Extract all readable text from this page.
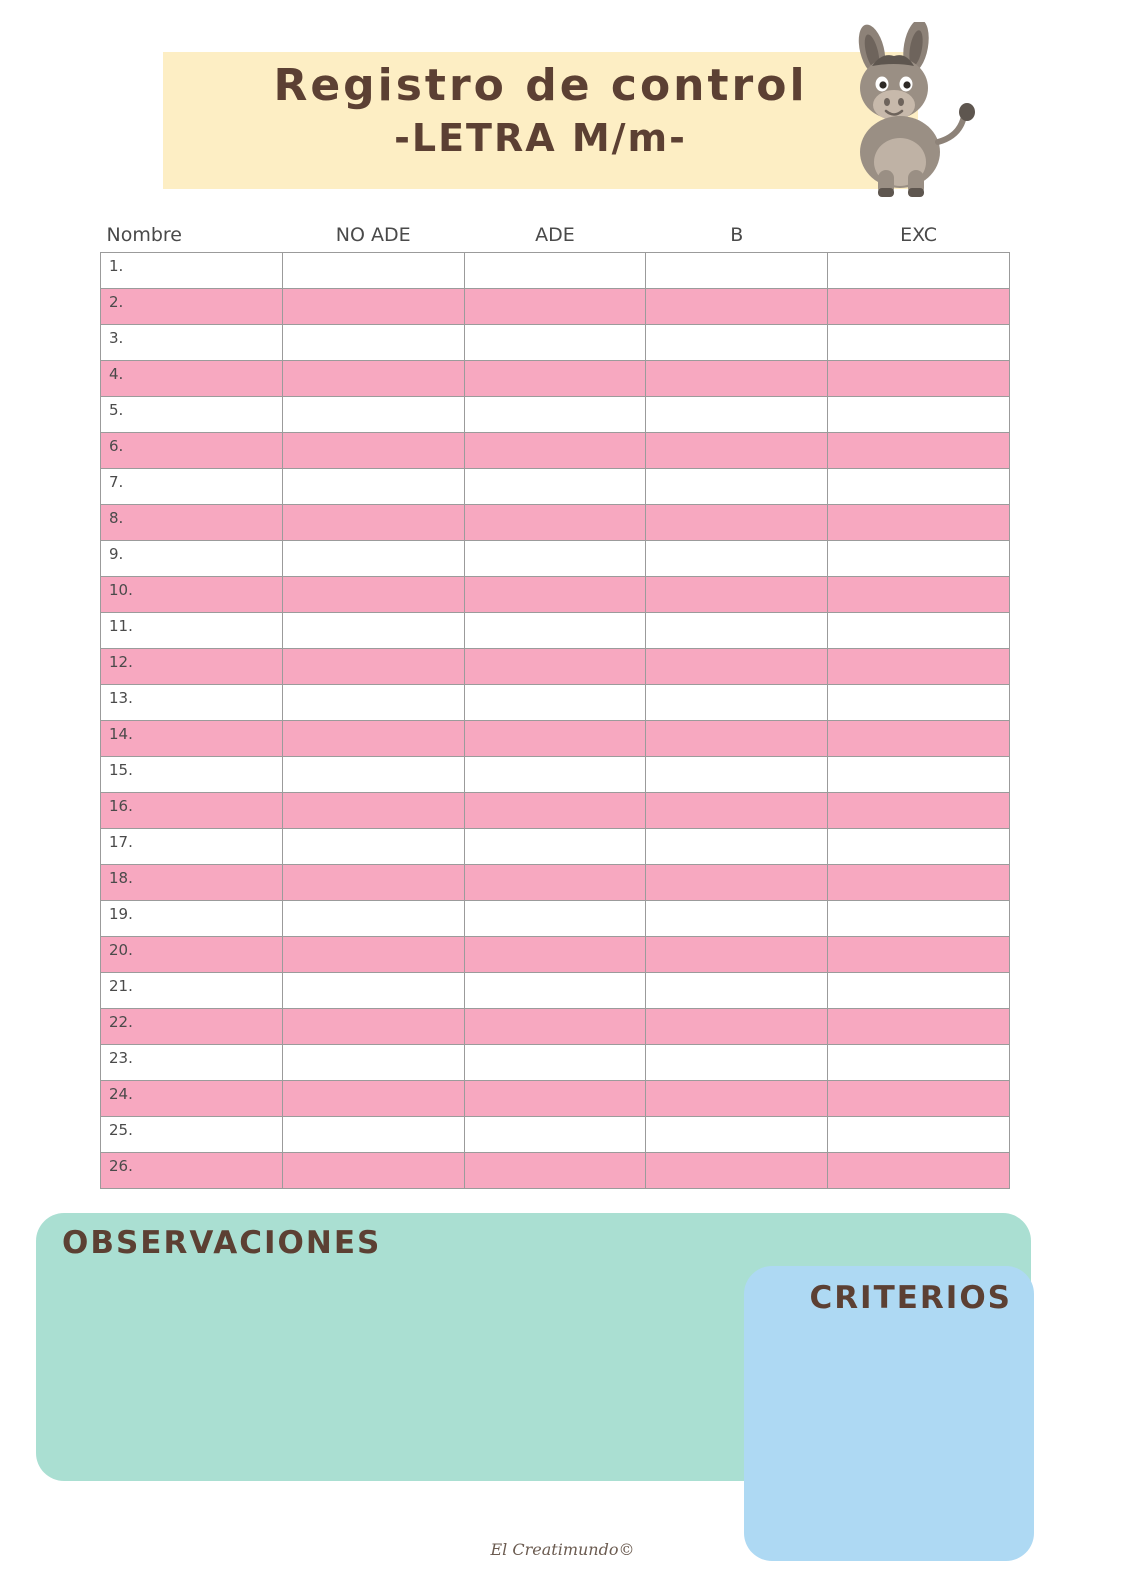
Registro de control
-LETRA M/m-
Nombre	NO ADE	ADE	B	EXC

1.				

2.				

3.				

4.				

5.				

6.				

7.				

8.				

9.				

10.				

11.				

12.				

13.				

14.				

15.				

16.				

17.				

18.				

19.				

20.				

21.				

22.				

23.				

24.				

25.				

26.				

OBSERVACIONES
CRITERIOS
El Creatimundo©
